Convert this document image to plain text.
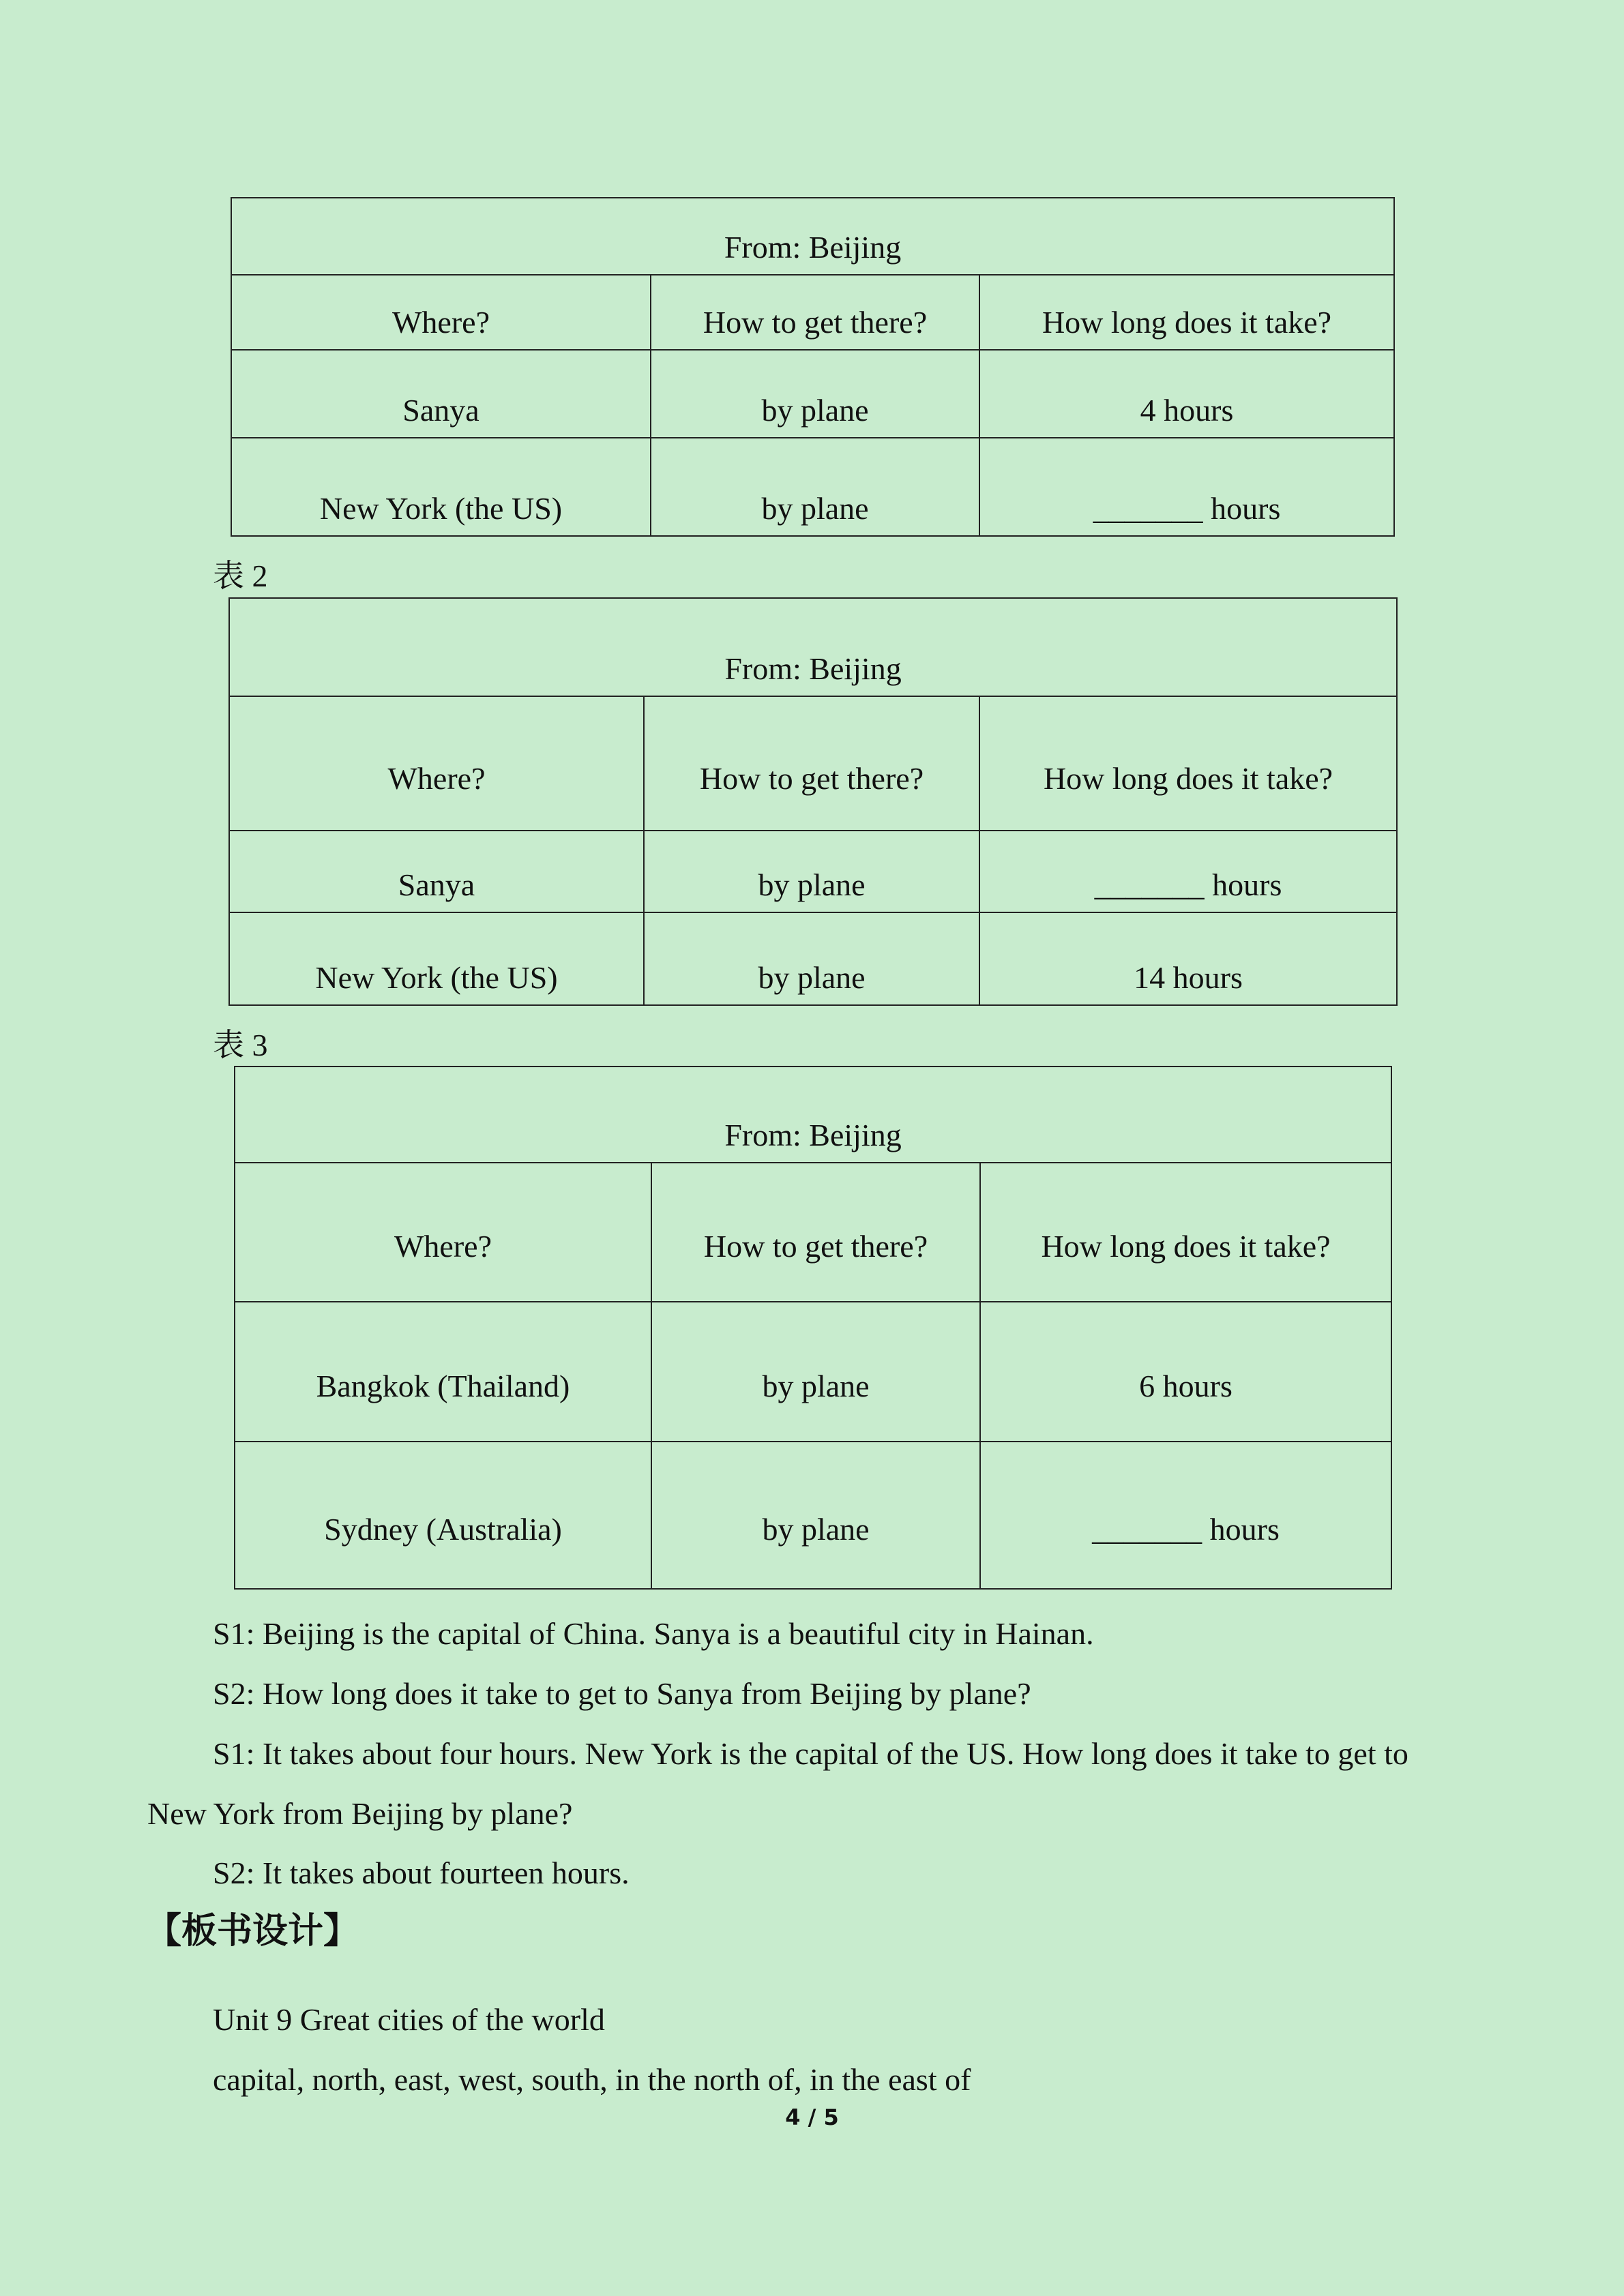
From: Beijing		
Where?	How to get there?	How long does it take?
Sanya	by plane	4 hours
New York (the US)	by plane	_______ hours
表 2
From: Beijing		
Where?	How to get there?	How long does it take?
Sanya	by plane	_______ hours
New York (the US)	by plane	14 hours
表 3
From: Beijing		
Where?	How to get there?	How long does it take?
Bangkok (Thailand)	by plane	6 hours
Sydney (Australia)	by plane	_______ hours
S1: Beijing is the capital of China. Sanya is a beautiful city in Hainan.
S2: How long does it take to get to Sanya from Beijing by plane?
S1: It takes about four hours. New York is the capital of the US. How long does it take to get to
New York from Beijing by plane?
S2: It takes about fourteen hours.
【板书设计】
Unit 9 Great cities of the world
capital, north, east, west, south, in the north of, in the east of
4 / 5
